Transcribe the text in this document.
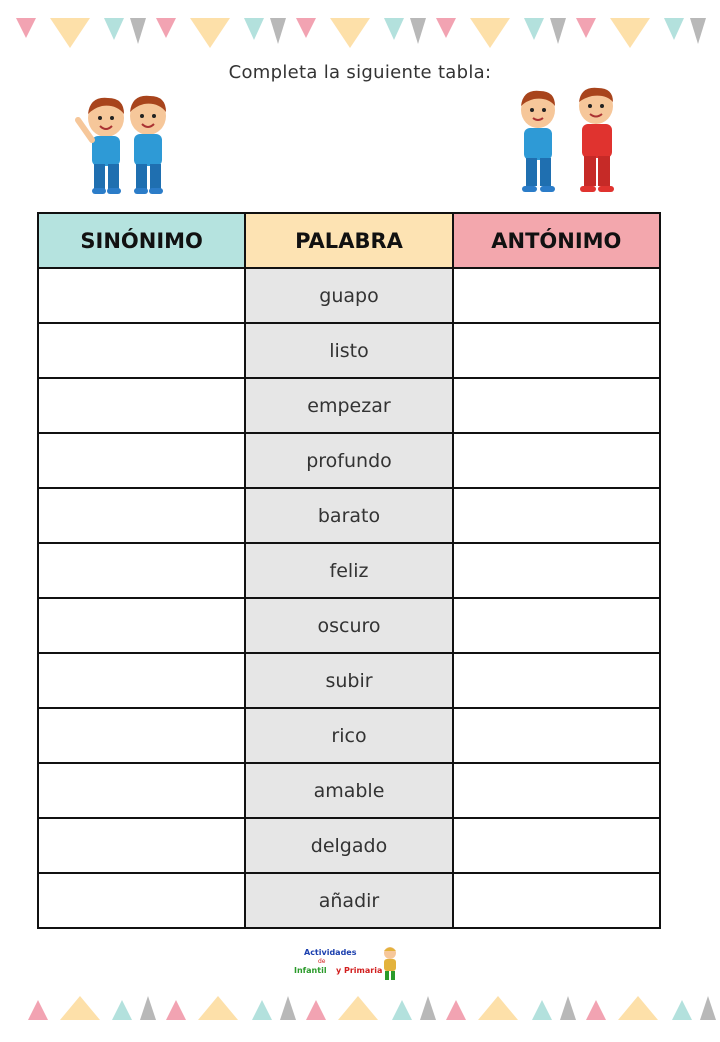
Completa la siguiente tabla:
SINÓNIMO	PALABRA	ANTÓNIMO
	guapo	
	listo	
	empezar	
	profundo	
	barato	
	feliz	
	oscuro	
	subir	
	rico	
	amable	
	delgado	
	añadir	
Actividades
de
Infantil y Primaria
